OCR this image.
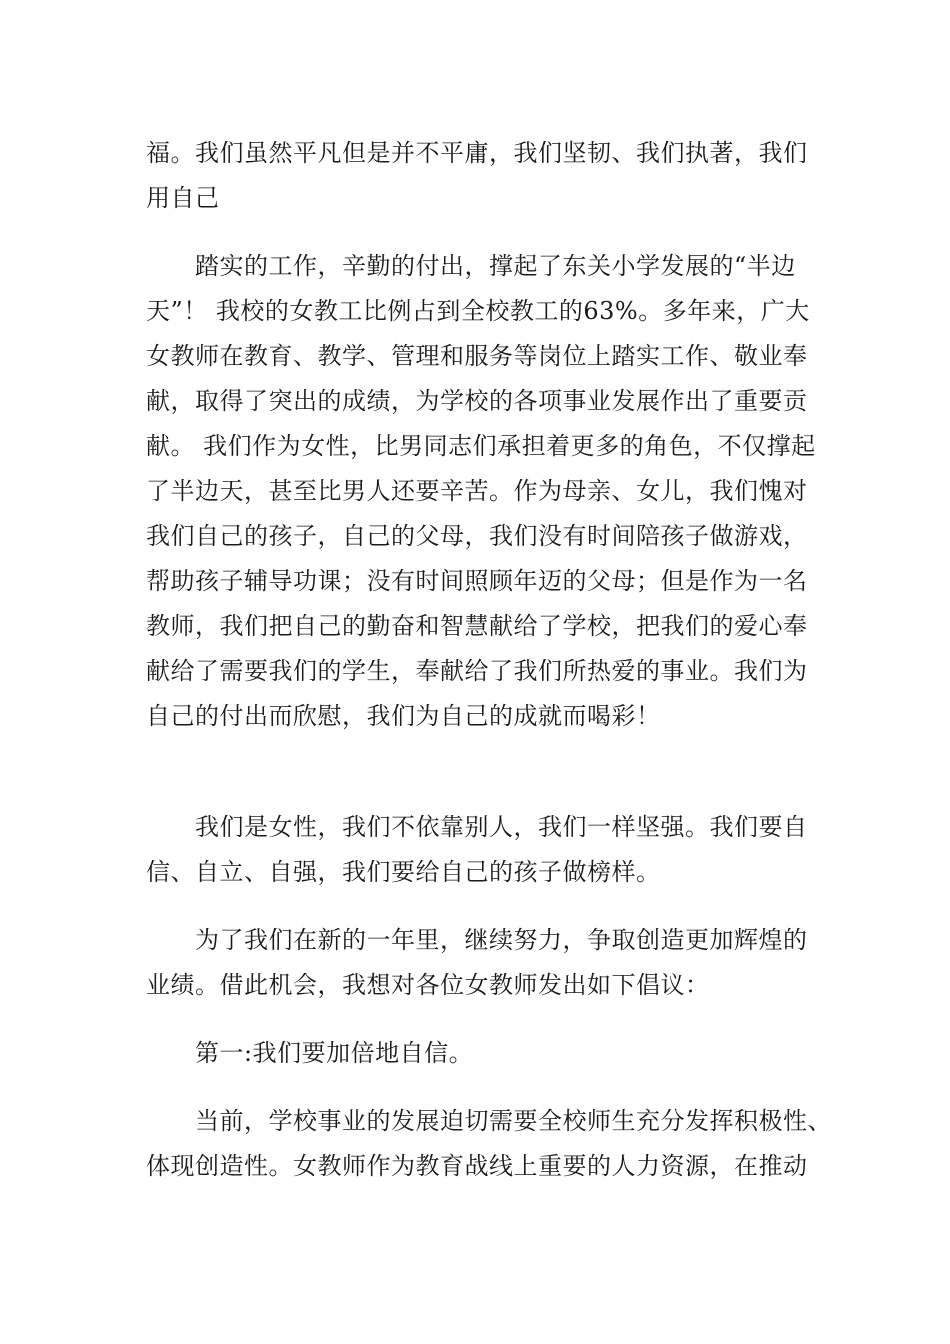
福。我们虽然平凡但是并不平庸，我们坚韧、我们执著，我们
用自己

　　踏实的工作，辛勤的付出，撑起了东关小学发展的“半边
天”！ 我校的女教工比例占到全校教工的63%。多年来，广大
女教师在教育、教学、管理和服务等岗位上踏实工作、敬业奉
献，取得了突出的成绩，为学校的各项事业发展作出了重要贡
献。 我们作为女性，比男同志们承担着更多的角色，不仅撑起
了半边天，甚至比男人还要辛苦。作为母亲、女儿，我们愧对
我们自己的孩子，自己的父母，我们没有时间陪孩子做游戏，
帮助孩子辅导功课；没有时间照顾年迈的父母；但是作为一名
教师，我们把自己的勤奋和智慧献给了学校，把我们的爱心奉
献给了需要我们的学生，奉献给了我们所热爱的事业。我们为
自己的付出而欣慰，我们为自己的成就而喝彩！

　　我们是女性，我们不依靠别人，我们一样坚强。我们要自
信、自立、自强，我们要给自己的孩子做榜样。

　　为了我们在新的一年里，继续努力，争取创造更加辉煌的
业绩。借此机会，我想对各位女教师发出如下倡议：

　　第一:我们要加倍地自信。

　　当前，学校事业的发展迫切需要全校师生充分发挥积极性、
体现创造性。女教师作为教育战线上重要的人力资源，在推动
